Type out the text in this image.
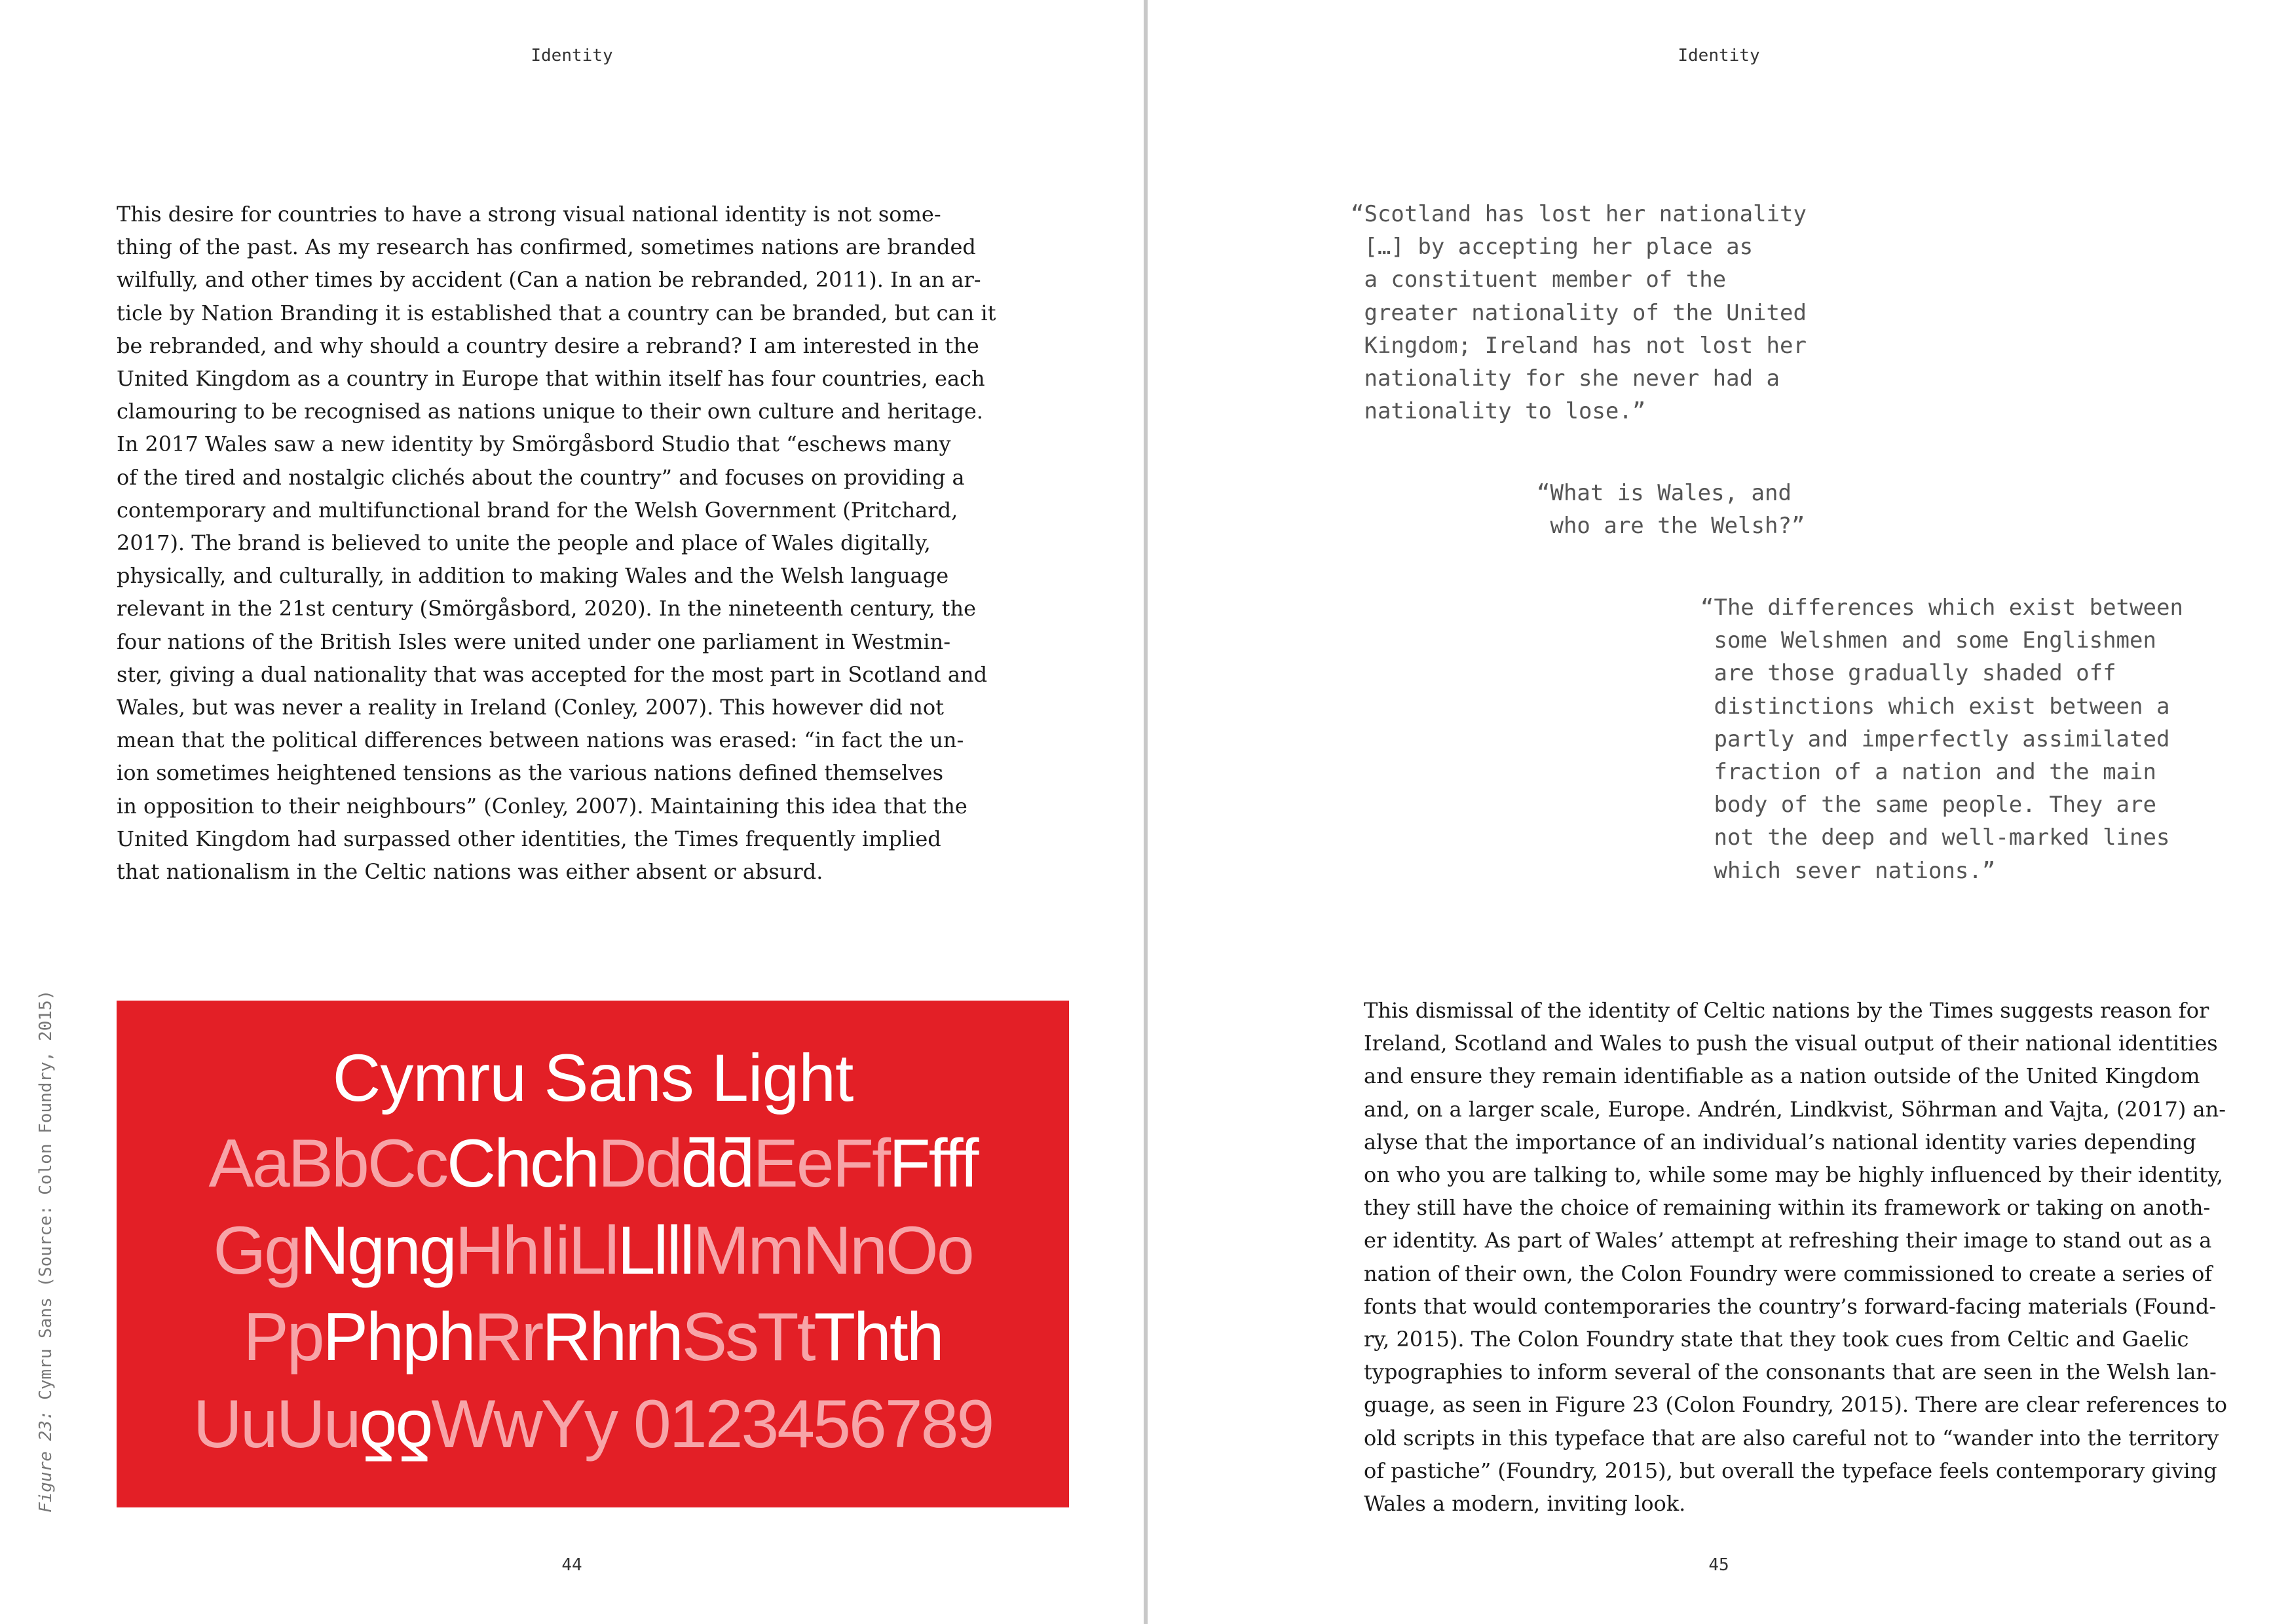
Identity
This desire for countries to have a strong visual national identity is not some-
thing of the past. As my research has confirmed, sometimes nations are branded
wilfully, and other times by accident (Can a nation be rebranded, 2011). In an ar-
ticle by Nation Branding it is established that a country can be branded, but can it
be rebranded, and why should a country desire a rebrand? I am interested in the
United Kingdom as a country in Europe that within itself has four countries, each
clamouring to be recognised as nations unique to their own culture and heritage.
In 2017 Wales saw a new identity by Smörgåsbord Studio that “eschews many
of the tired and nostalgic clichés about the country” and focuses on providing a
contemporary and multifunctional brand for the Welsh Government (Pritchard,
2017). The brand is believed to unite the people and place of Wales digitally,
physically, and culturally, in addition to making Wales and the Welsh language
relevant in the 21st century (Smörgåsbord, 2020). In the nineteenth century, the
four nations of the British Isles were united under one parliament in Westmin-
ster, giving a dual nationality that was accepted for the most part in Scotland and
Wales, but was never a reality in Ireland (Conley, 2007). This however did not
mean that the political differences between nations was erased: “in fact the un-
ion sometimes heightened tensions as the various nations defined themselves
in opposition to their neighbours” (Conley, 2007). Maintaining this idea that the
United Kingdom had surpassed other identities, the Times frequently implied
that nationalism in the Celtic nations was either absent or absurd.
Figure 23: Cymru Sans (Source: Colon Foundry, 2015)	Cymru Sans Light
AaBbCcChchDdƌƌEeFfFfff
GgNgngHhIiLlLlllMmNnOo
PpPhphRrRhrhSsTtThth
UuUuƍƍWwYy 0123456789
44
Identity
“Scotland has lost her nationality
[…] by accepting her place as
a constituent member of the
greater nationality of the United
Kingdom; Ireland has not lost her
nationality for she never had a
nationality to lose.”
“What is Wales, and
who are the Welsh?”
“The differences which exist between
some Welshmen and some Englishmen
are those gradually shaded off
distinctions which exist between a
partly and imperfectly assimilated
fraction of a nation and the main
body of the same people. They are
not the deep and well-marked lines
which sever nations.”
This dismissal of the identity of Celtic nations by the Times suggests reason for
Ireland, Scotland and Wales to push the visual output of their national identities
and ensure they remain identifiable as a nation outside of the United Kingdom
and, on a larger scale, Europe. Andrén, Lindkvist, Söhrman and Vajta, (2017) an-
alyse that the importance of an individual’s national identity varies depending
on who you are talking to, while some may be highly influenced by their identity,
they still have the choice of remaining within its framework or taking on anoth-
er identity. As part of Wales’ attempt at refreshing their image to stand out as a
nation of their own, the Colon Foundry were commissioned to create a series of
fonts that would contemporaries the country’s forward-facing materials (Found-
ry, 2015). The Colon Foundry state that they took cues from Celtic and Gaelic
typographies to inform several of the consonants that are seen in the Welsh lan-
guage, as seen in Figure 23 (Colon Foundry, 2015). There are clear references to
old scripts in this typeface that are also careful not to “wander into the territory
of pastiche” (Foundry, 2015), but overall the typeface feels contemporary giving
Wales a modern, inviting look.
45
